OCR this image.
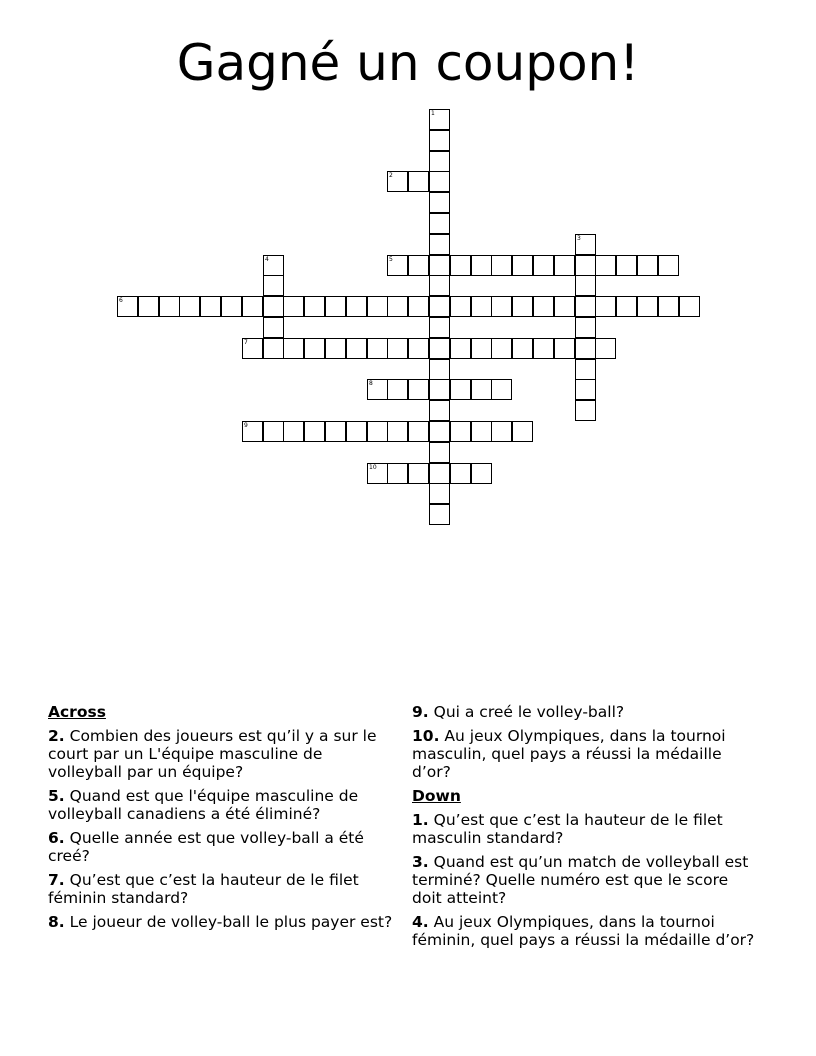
Gagné un coupon!
1
2
3
4	5
6
7
8
9
10
Across
2. Combien des joueurs est qu’il y a sur le court par un L'équipe masculine de volleyball par un équipe?
5. Quand est que l'équipe masculine de volleyball canadiens a été éliminé?
6. Quelle année est que volley-ball a été creé?
7. Qu’est que c’est la hauteur de le filet féminin standard?
8. Le joueur de volley-ball le plus payer est?
9. Qui a creé le volley-ball?
10. Au jeux Olympiques, dans la tournoi masculin, quel pays a réussi la médaille d’or?
Down
1. Qu’est que c’est la hauteur de le filet masculin standard?
3. Quand est qu’un match de volleyball est terminé? Quelle numéro est que le score doit atteint?
4. Au jeux Olympiques, dans la tournoi féminin, quel pays a réussi la médaille d’or?
